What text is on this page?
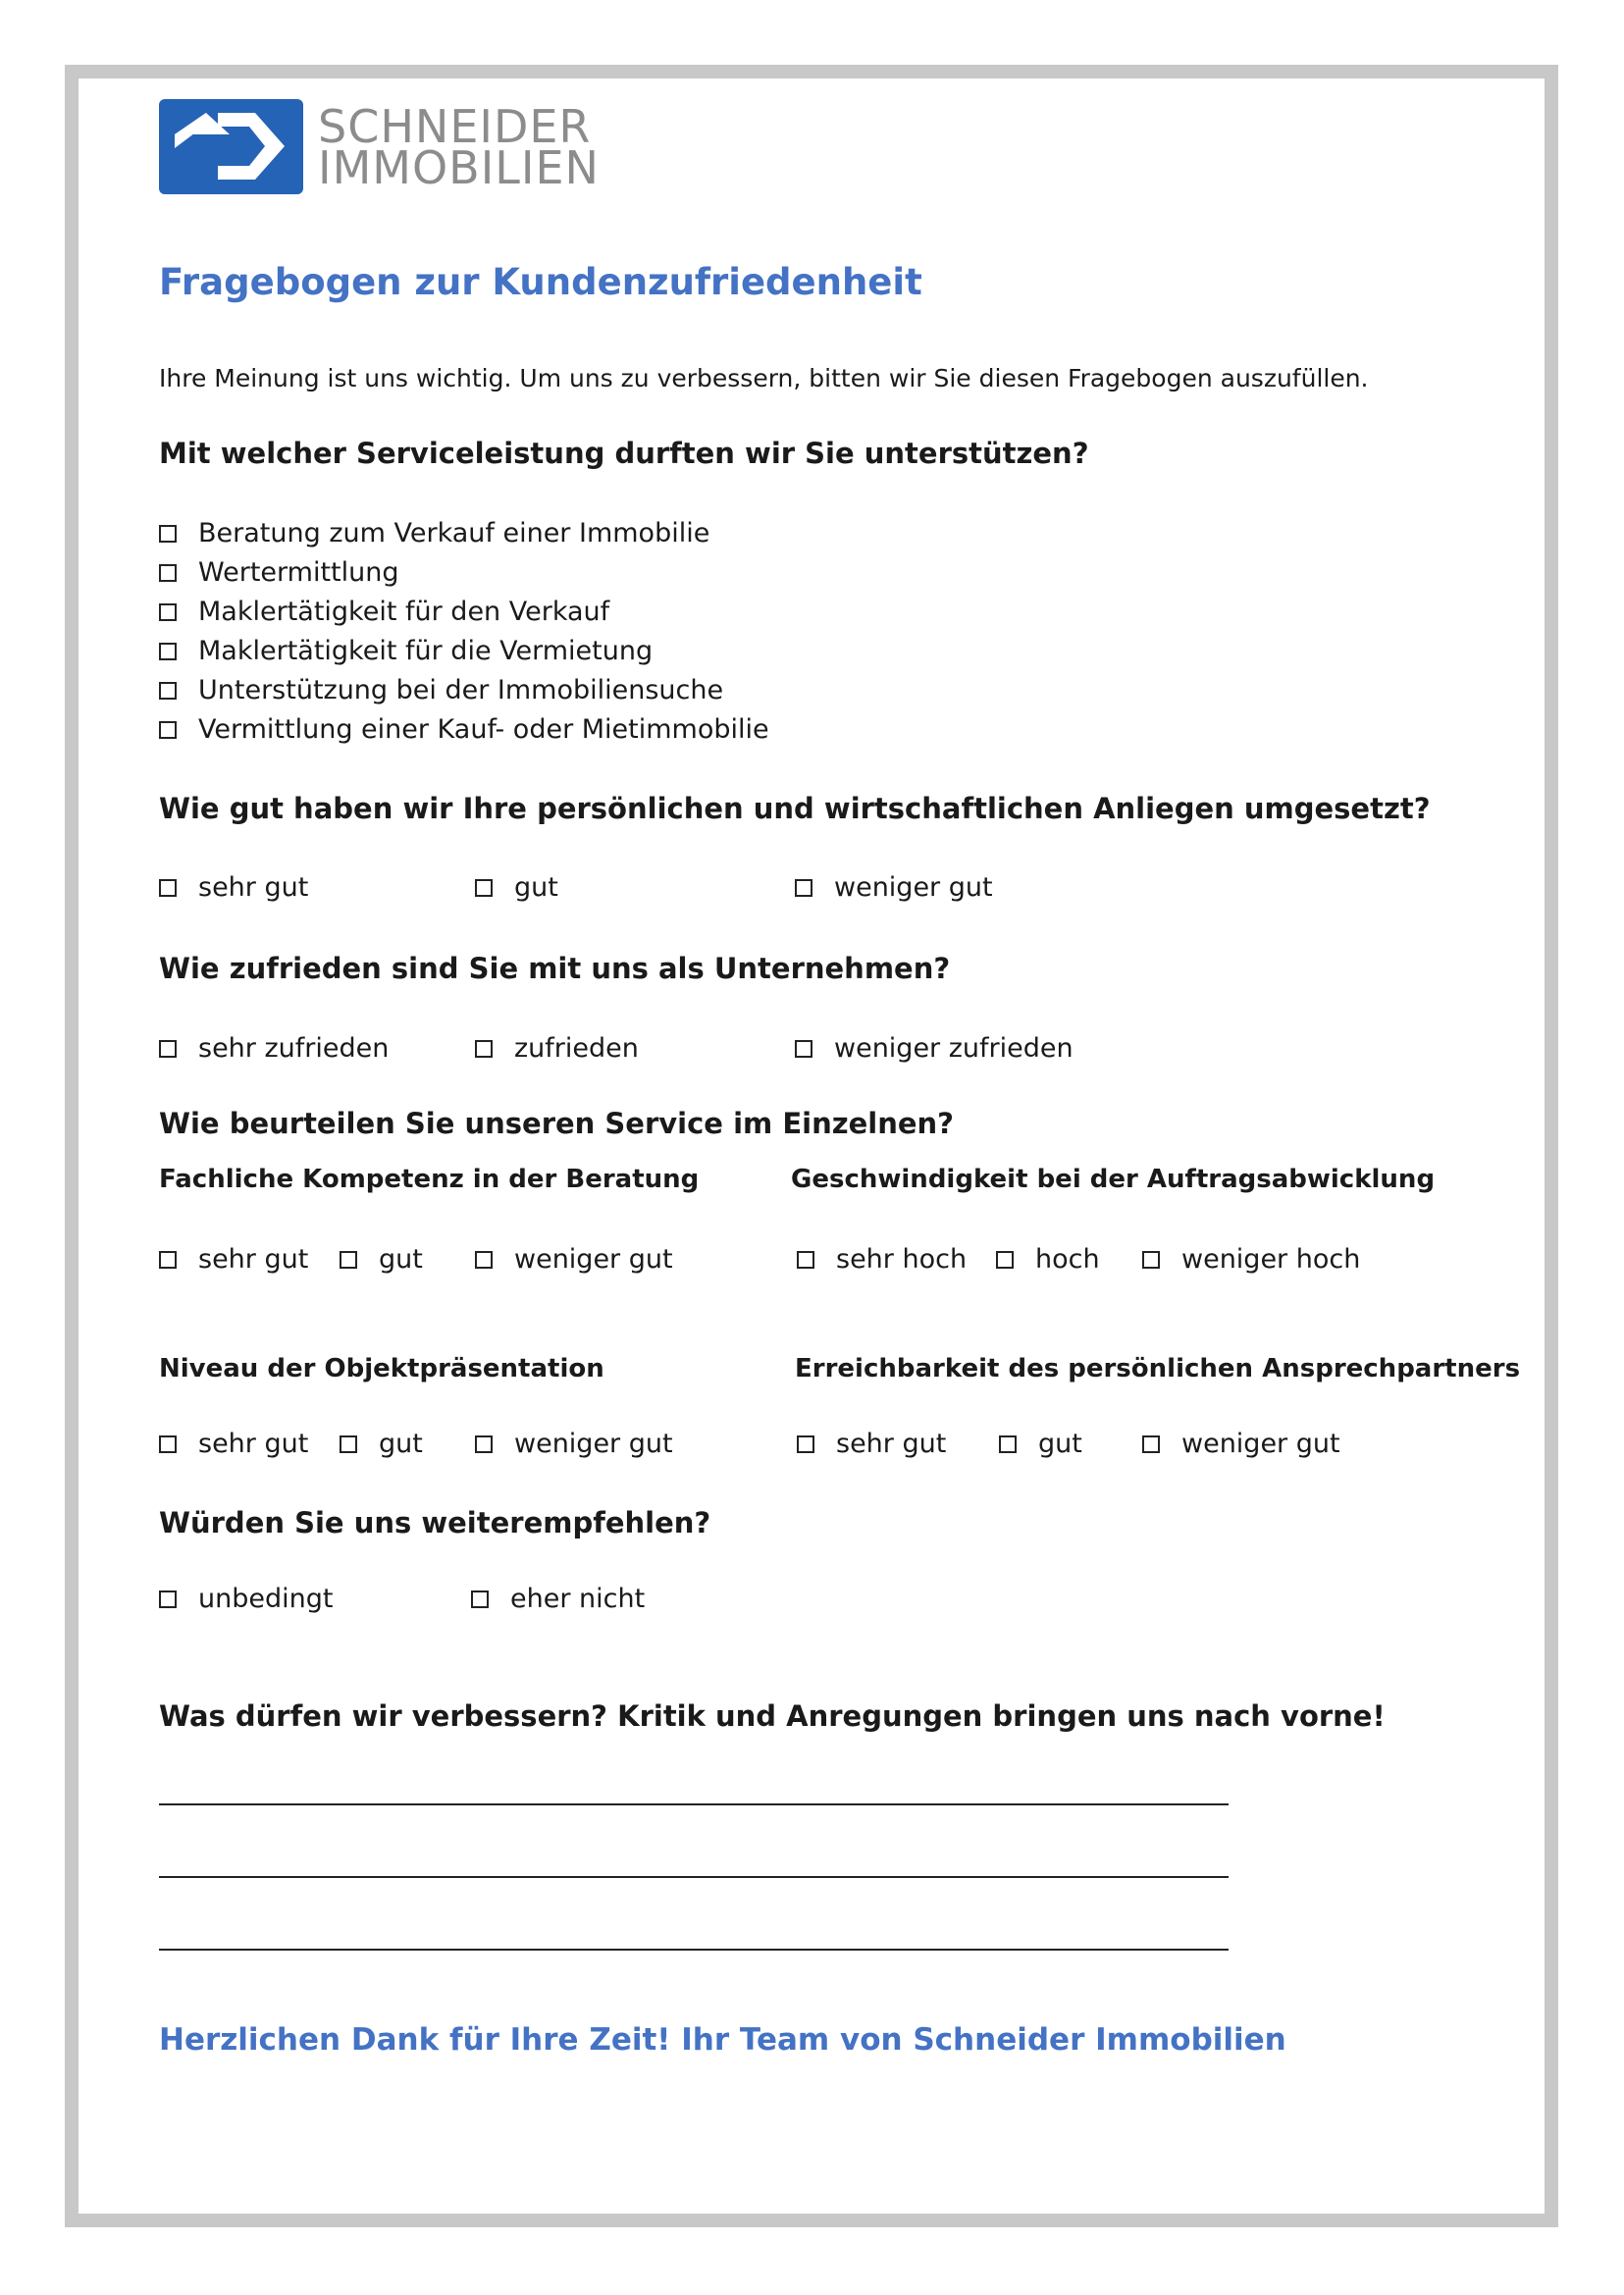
SCHNEIDER
IMMOBILIEN
Fragebogen zur Kundenzufriedenheit
Ihre Meinung ist uns wichtig. Um uns zu verbessern, bitten wir Sie diesen Fragebogen auszufüllen.
Mit welcher Serviceleistung durften wir Sie unterstützen?
Beratung zum Verkauf einer Immobilie
Wertermittlung
Maklertätigkeit für den Verkauf
Maklertätigkeit für die Vermietung
Unterstützung bei der Immobiliensuche
Vermittlung einer Kauf- oder Mietimmobilie
Wie gut haben wir Ihre persönlichen und wirtschaftlichen Anliegen umgesetzt?
sehr gut	gut	weniger gut
Wie zufrieden sind Sie mit uns als Unternehmen?
sehr zufrieden	zufrieden	weniger zufrieden
Wie beurteilen Sie unseren Service im Einzelnen?
Fachliche Kompetenz in der Beratung
sehr gut	gut	weniger gut
Geschwindigkeit bei der Auftragsabwicklung
sehr hoch	hoch	weniger hoch
Niveau der Objektpräsentation
sehr gut	gut	weniger gut
Erreichbarkeit des persönlichen Ansprechpartners
sehr gut	gut	weniger gut
Würden Sie uns weiterempfehlen?
unbedingt	eher nicht
Was dürfen wir verbessern? Kritik und Anregungen bringen uns nach vorne!
Herzlichen Dank für Ihre Zeit! Ihr Team von Schneider Immobilien
